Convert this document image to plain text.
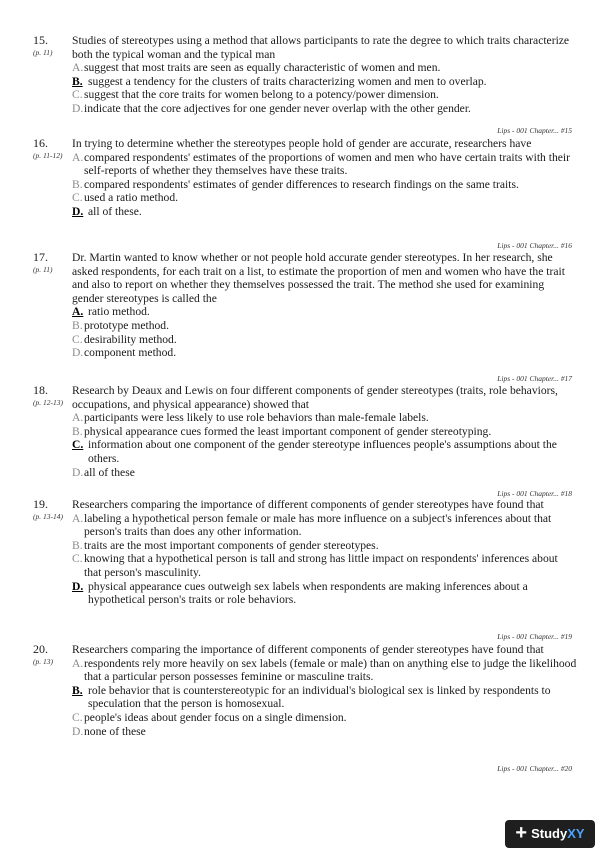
15.
(p. 11)
Studies of stereotypes using a method that allows participants to rate the degree to which traits characterize both the typical woman and the typical man
A. suggest that most traits are seen as equally characteristic of women and men.
B. suggest a tendency for the clusters of traits characterizing women and men to overlap.
C. suggest that the core traits for women belong to a potency/power dimension.
D. indicate that the core adjectives for one gender never overlap with the other gender.
Lips - 001 Chapter... #15
16.
(p. 11-12)
In trying to determine whether the stereotypes people hold of gender are accurate, researchers have
A. compared respondents' estimates of the proportions of women and men who have certain traits with their self-reports of whether they themselves have these traits.
B. compared respondents' estimates of gender differences to research findings on the same traits.
C. used a ratio method.
D. all of these.
Lips - 001 Chapter... #16
17.
(p. 11)
Dr. Martin wanted to know whether or not people hold accurate gender stereotypes. In her research, she asked respondents, for each trait on a list, to estimate the proportion of men and women who have the trait and also to report on whether they themselves possessed the trait. The method she used for examining gender stereotypes is called the
A. ratio method.
B. prototype method.
C. desirability method.
D. component method.
Lips - 001 Chapter... #17
18.
(p. 12-13)
Research by Deaux and Lewis on four different components of gender stereotypes (traits, role behaviors, occupations, and physical appearance) showed that
A. participants were less likely to use role behaviors than male-female labels.
B. physical appearance cues formed the least important component of gender stereotyping.
C. information about one component of the gender stereotype influences people's assumptions about the others.
D. all of these
Lips - 001 Chapter... #18
19.
(p. 13-14)
Researchers comparing the importance of different components of gender stereotypes have found that
A. labeling a hypothetical person female or male has more influence on a subject's inferences about that person's traits than does any other information.
B. traits are the most important components of gender stereotypes.
C. knowing that a hypothetical person is tall and strong has little impact on respondents' inferences about that person's masculinity.
D. physical appearance cues outweigh sex labels when respondents are making inferences about a hypothetical person's traits or role behaviors.
Lips - 001 Chapter... #19
20.
(p. 13)
Researchers comparing the importance of different components of gender stereotypes have found that
A. respondents rely more heavily on sex labels (female or male) than on anything else to judge the likelihood that a particular person possesses feminine or masculine traits.
B. role behavior that is counterstereotypic for an individual's biological sex is linked by respondents to speculation that the person is homosexual.
C. people's ideas about gender focus on a single dimension.
D. none of these
Lips - 001 Chapter... #20
+ StudyXY
